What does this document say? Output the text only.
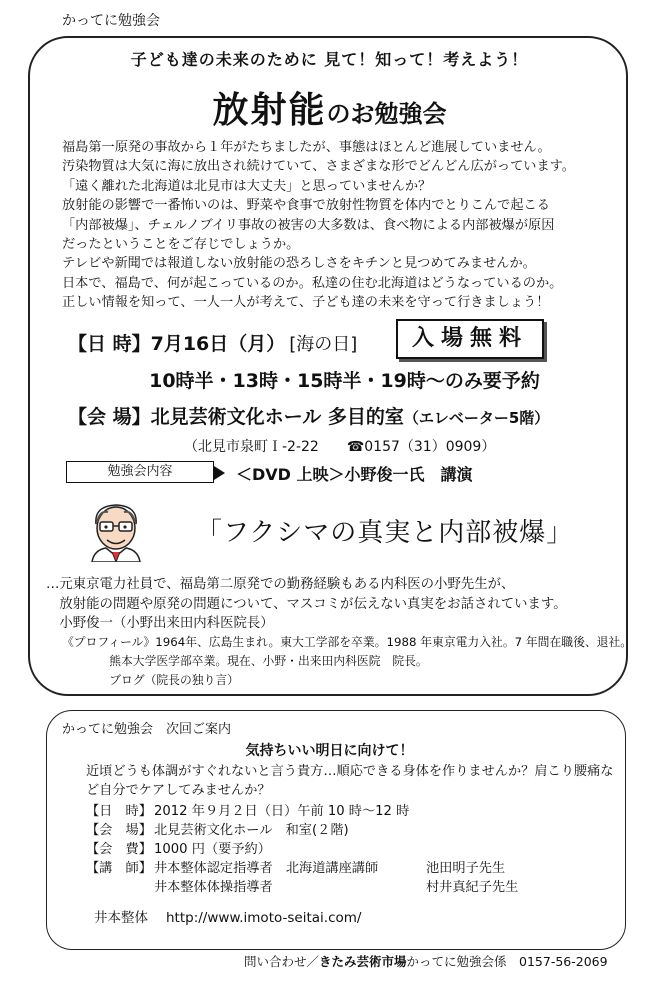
かってに勉強会
子ども達の未来のために 見て！知って！考えよう！
放射能のお勉強会
福島第一原発の事故から１年がたちましたが、事態はほとんど進展していません。
汚染物質は大気に海に放出され続けていて、さまざまな形でどんどん広がっています。
「遠く離れた北海道は北見市は大丈夫」と思っていませんか？
放射能の影響で一番怖いのは、野菜や食事で放射性物質を体内でとりこんで起こる
「内部被爆」、チェルノブイリ事故の被害の大多数は、食べ物による内部被爆が原因
だったということをご存じでしょうか。
テレビや新聞では報道しない放射能の恐ろしさをキチンと見つめてみませんか。
日本で、福島で、何が起こっているのか。私達の住む北海道はどうなっているのか。
正しい情報を知って、一人一人が考えて、子ども達の未来を守って行きましょう！
【日 時】7月16日（月） [海の日]	入場無料
10時半・13時・15時半・19時〜のみ要予約
【会 場】北見芸術文化ホール 多目的室（エレベーター5階）
（北見市泉町Ｉ-2-22 ☎0157（31）0909）
勉強会内容	＜DVD 上映＞小野俊一氏　講演
「フクシマの真実と内部被爆」
…元東京電力社員で、福島第二原発での勤務経験もある内科医の小野先生が、
　放射能の問題や原発の問題について、マスコミが伝えない真実をお話されています。
　小野俊一（小野出来田内科医院長）
《プロフィール》1964年、広島生まれ。東大工学部を卒業。1988 年東京電力入社。7 年間在職後、退社。
　　　　熊本大学医学部卒業。現在、小野・出来田内科医院　院長。
　　　　ブログ（院長の独り言）
かってに勉強会　次回ご案内
気持ちいい明日に向けて！
近頃どうも体調がすぐれないと言う貴方…順応できる身体を作りませんか？肩こり腰痛な
ど自分でケアしてみませんか？
【日　時】 2012 年９月２日（日）午前 10 時〜12 時
【会　場】 北見芸術文化ホール　和室(２階)
【会　費】 1000 円（要予約）
【講　師】 井本整体認定指導者　北海道講座講師	池田明子先生
井本整体体操指導者	村井真紀子先生
井本整体 http://www.imoto-seitai.com/
問い合わせ／きたみ芸術市場かってに勉強会係　0157-56-2069
